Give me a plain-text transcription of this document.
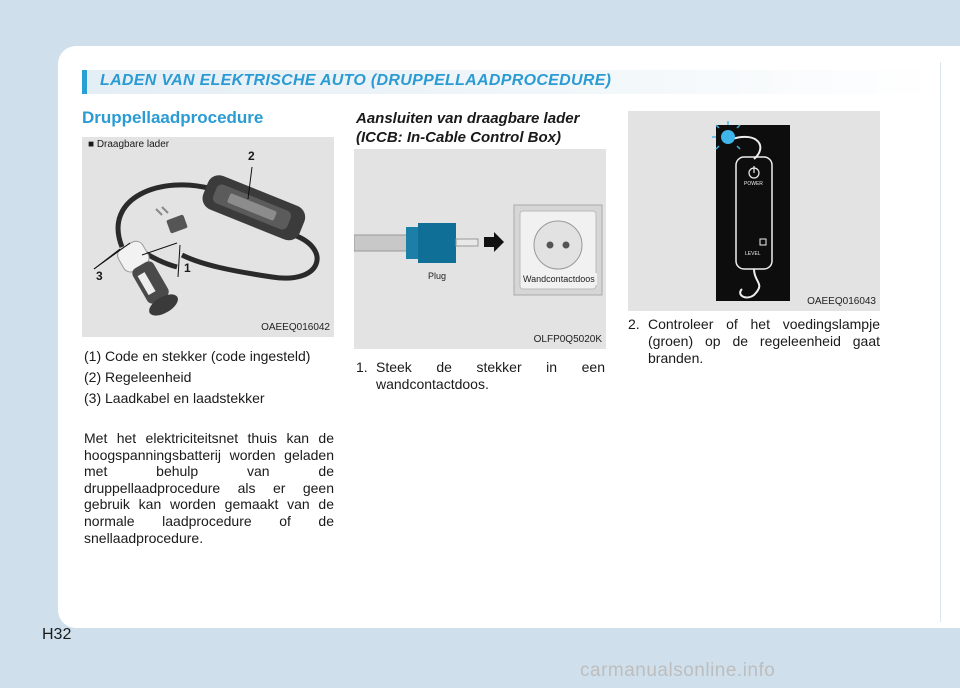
LADEN VAN ELEKTRISCHE AUTO (DRUPPELLAADPROCEDURE)
Druppellaadprocedure
■ Draagbare lader
2
1
3
OAEEQ016042
(1) Code en stekker (code ingesteld)
(2) Regeleenheid
(3) Laadkabel en laadstekker
Met het elektriciteitsnet thuis kan de hoogspanningsbatterij worden geladen met behulp van de druppellaadprocedure als er geen gebruik kan worden gemaakt van de normale laadprocedure of de snellaadprocedure.
Aansluiten van draagbare lader (ICCB: In-Cable Control Box)
Plug	Wandcontactdoos
OLFP0Q5020K
1. Steek de stekker in een wandcontactdoos.
POWER
LEVEL
OAEEQ016043
2. Controleer of het voedingslampje (groen) op de regeleenheid gaat branden.
H32
carmanualsonline.info
